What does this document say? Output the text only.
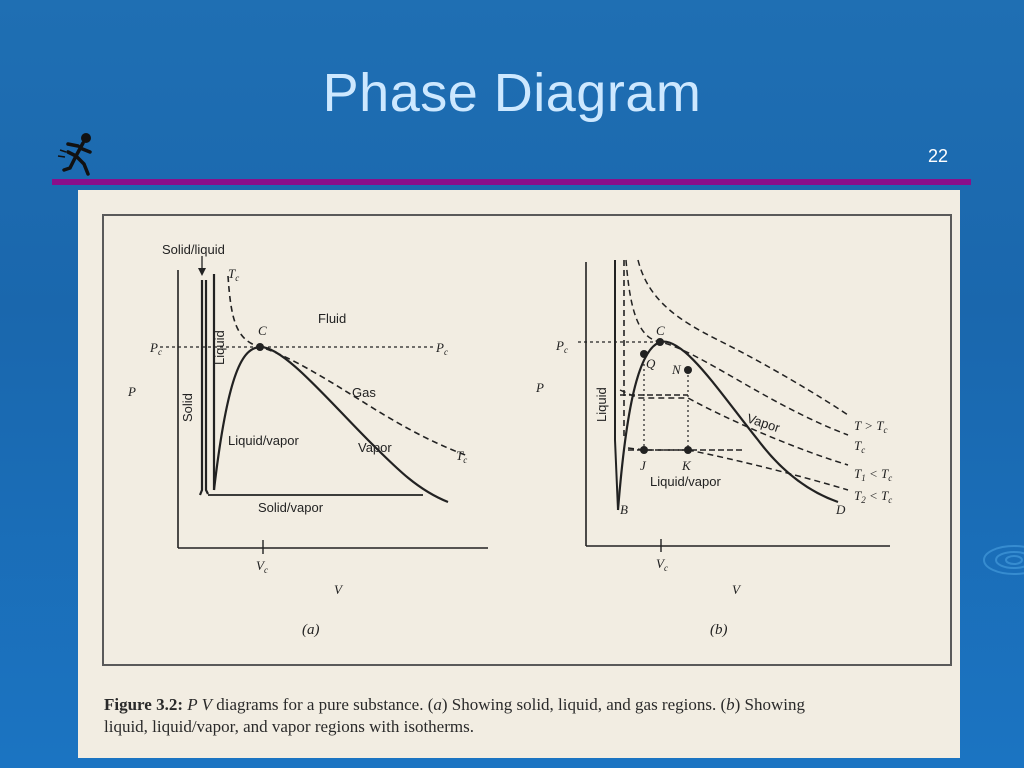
Phase Diagram
22
Solid/liquid
$T_c$
C
Fluid
$P_c$	$P_c$
Liquid
P
Solid
Gas
Liquid/vapor	Vapor
$T_c$
Solid/vapor
$V_c$
V
(a)
$P_c$
C
P
Q N
Liquid
Vapor	$T > T_c$
$T_c$
$T_1 < T_c$
$T_2 < T_c$
J	K
Liquid/vapor
B	D
$V_c$
V
(b)
Figure 3.2: P V diagrams for a pure substance. (a) Showing solid, liquid, and gas regions. (b) Showing
liquid, liquid/vapor, and vapor regions with isotherms.
